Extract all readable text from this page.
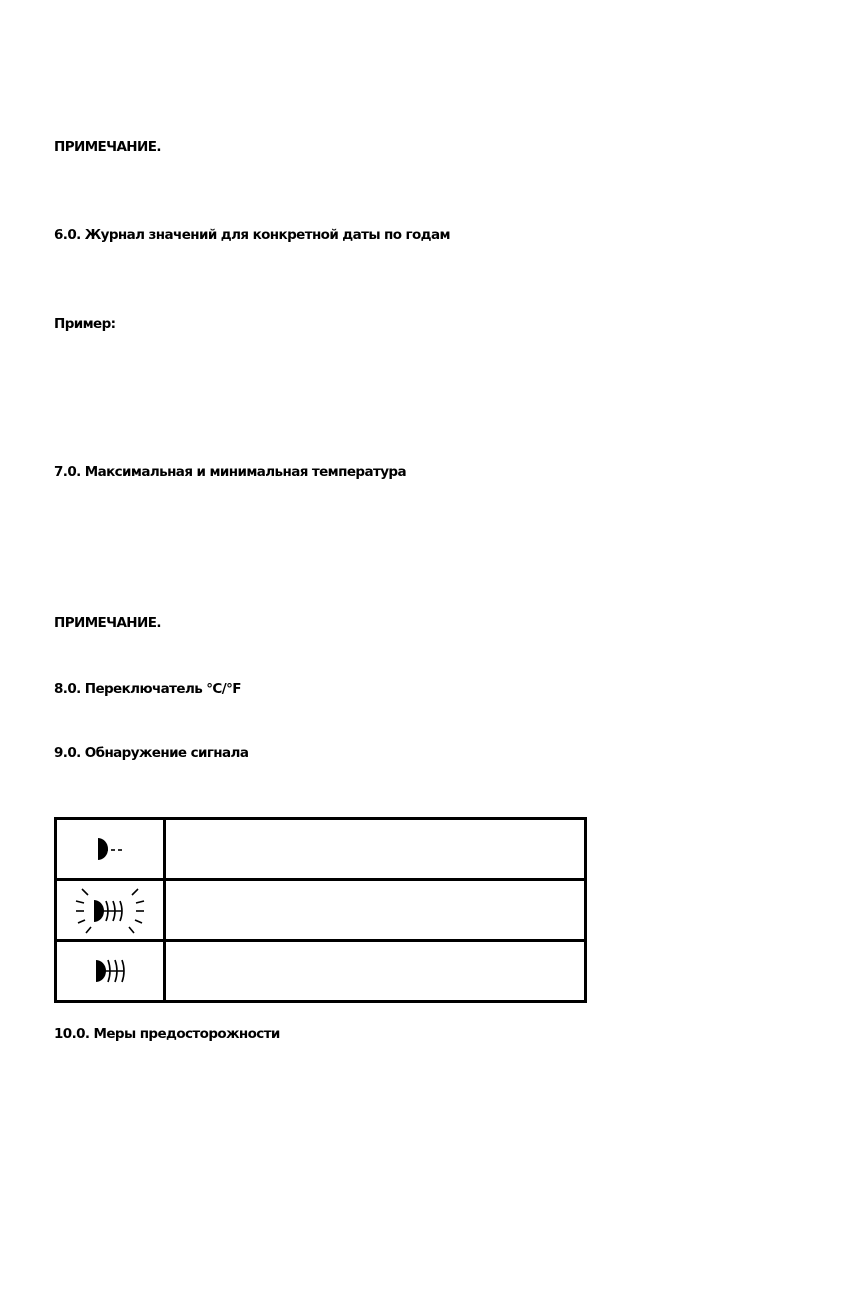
ПРИМЕЧАНИЕ.
6.0. Журнал значений для конкретной даты по годам
Пример:
7.0. Максимальная и минимальная температура
ПРИМЕЧАНИЕ.
8.0. Переключатель °C/°F
9.0. Обнаружение сигнала

10.0. Меры предосторожности
